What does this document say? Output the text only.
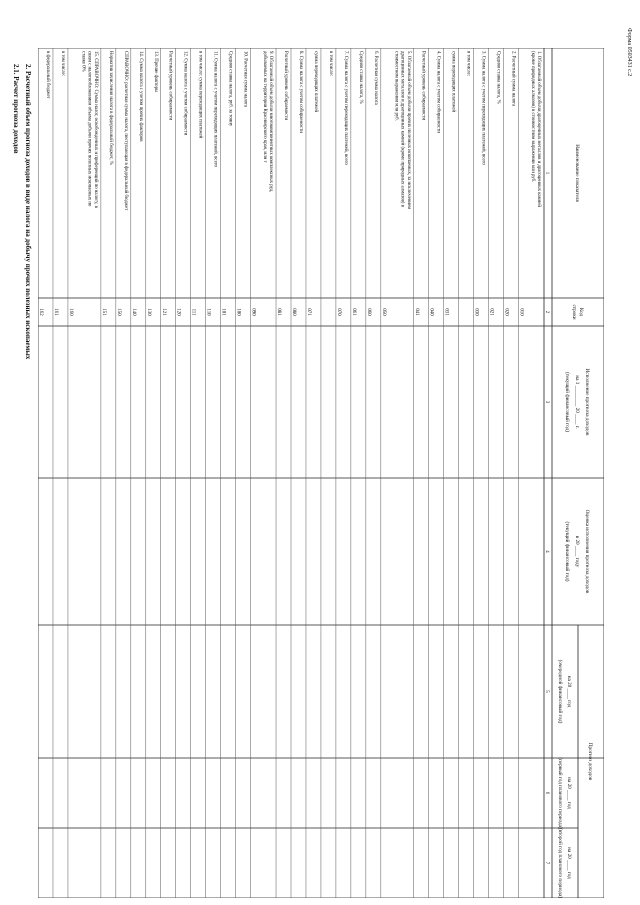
Форма 0503431 с.2
2. Расчетный объем прогноза доходов в виде налога на добычу прочих полезных ископаемых
2.1. Расчет прогноза доходов
Наименование показателя
Код
строки
Исполнение прогноза доходов
на 1 ________ 20 ____ г.
(текущий финансовый год)
Оценка исполнения прогноза доходов
в 20 ____ году
(текущий финансовый год)
Прогноз доходов
на 20 ____ год
(очередной финансовый год)
на 20 ____ год
(первый год планового периода)
на 20 ____ год
(второй год планового периода)
1
2
3
4
5
6
7
1. Облагаемый объем добычи драгоценных металлов и драгоценных камней
(кроме природных алмазов) в стоимостном выражении млн руб.
010
2. Расчетный сумма налога
020
Средняя ставка налога, %
021
3. Сумма налога с учетом переходящих платежей, всего
030
в том числе:
сумма переходящих платежей
031
4. Сумма налога с учетом собираемости
040
Расчетный уровень собираемости
041
5. Облагаемый объем добычи прочих полезных ископаемых, за исключением
драгоценных металлов и драгоценных камней (кроме природных алмазов) в
стоимостном выражении млн руб.
050
6. Расчетная сумма налога
060
Средняя ставка налога, %
061
7. Сумма налога с учетом переходящих платежей, всего
070
в том числе:
сумма переходящих платежей
071
8. Сумма налога с учетом собираемости
080
Расчетный уровень собираемости
081
9. Облагаемый объем добычи многокомпонентных комплексных руд,
добываемых на территории Красноярского края, млн т
090
10. Расчетная сумма налога
100
Средняя ставка налога, руб. за тонну
101
11. Сумма налога с учетом переходящих платежей, всего
110
в том числе: сумма переходящих платежей
111
12. Сумма налога с учетом собираемости
120
Расчетный уровень собираемости
121
13. Прочие факторы
130
14. Сумма налога с учетом прочих факторов
140
СПРАВОЧНО: расчетная сумма налога, поступающая в федеральный бюджет
150
Норматив зачисления налога в федеральный бюджет, %
151
15. СПРАВОЧНО: Сумма налог, освобожденных и преференций по налогу, в
связи с налогообложением объема добычи прочих полезных ископаемых по
ставке 0%
160
в том числе:
161
в федеральный бюджет
162
